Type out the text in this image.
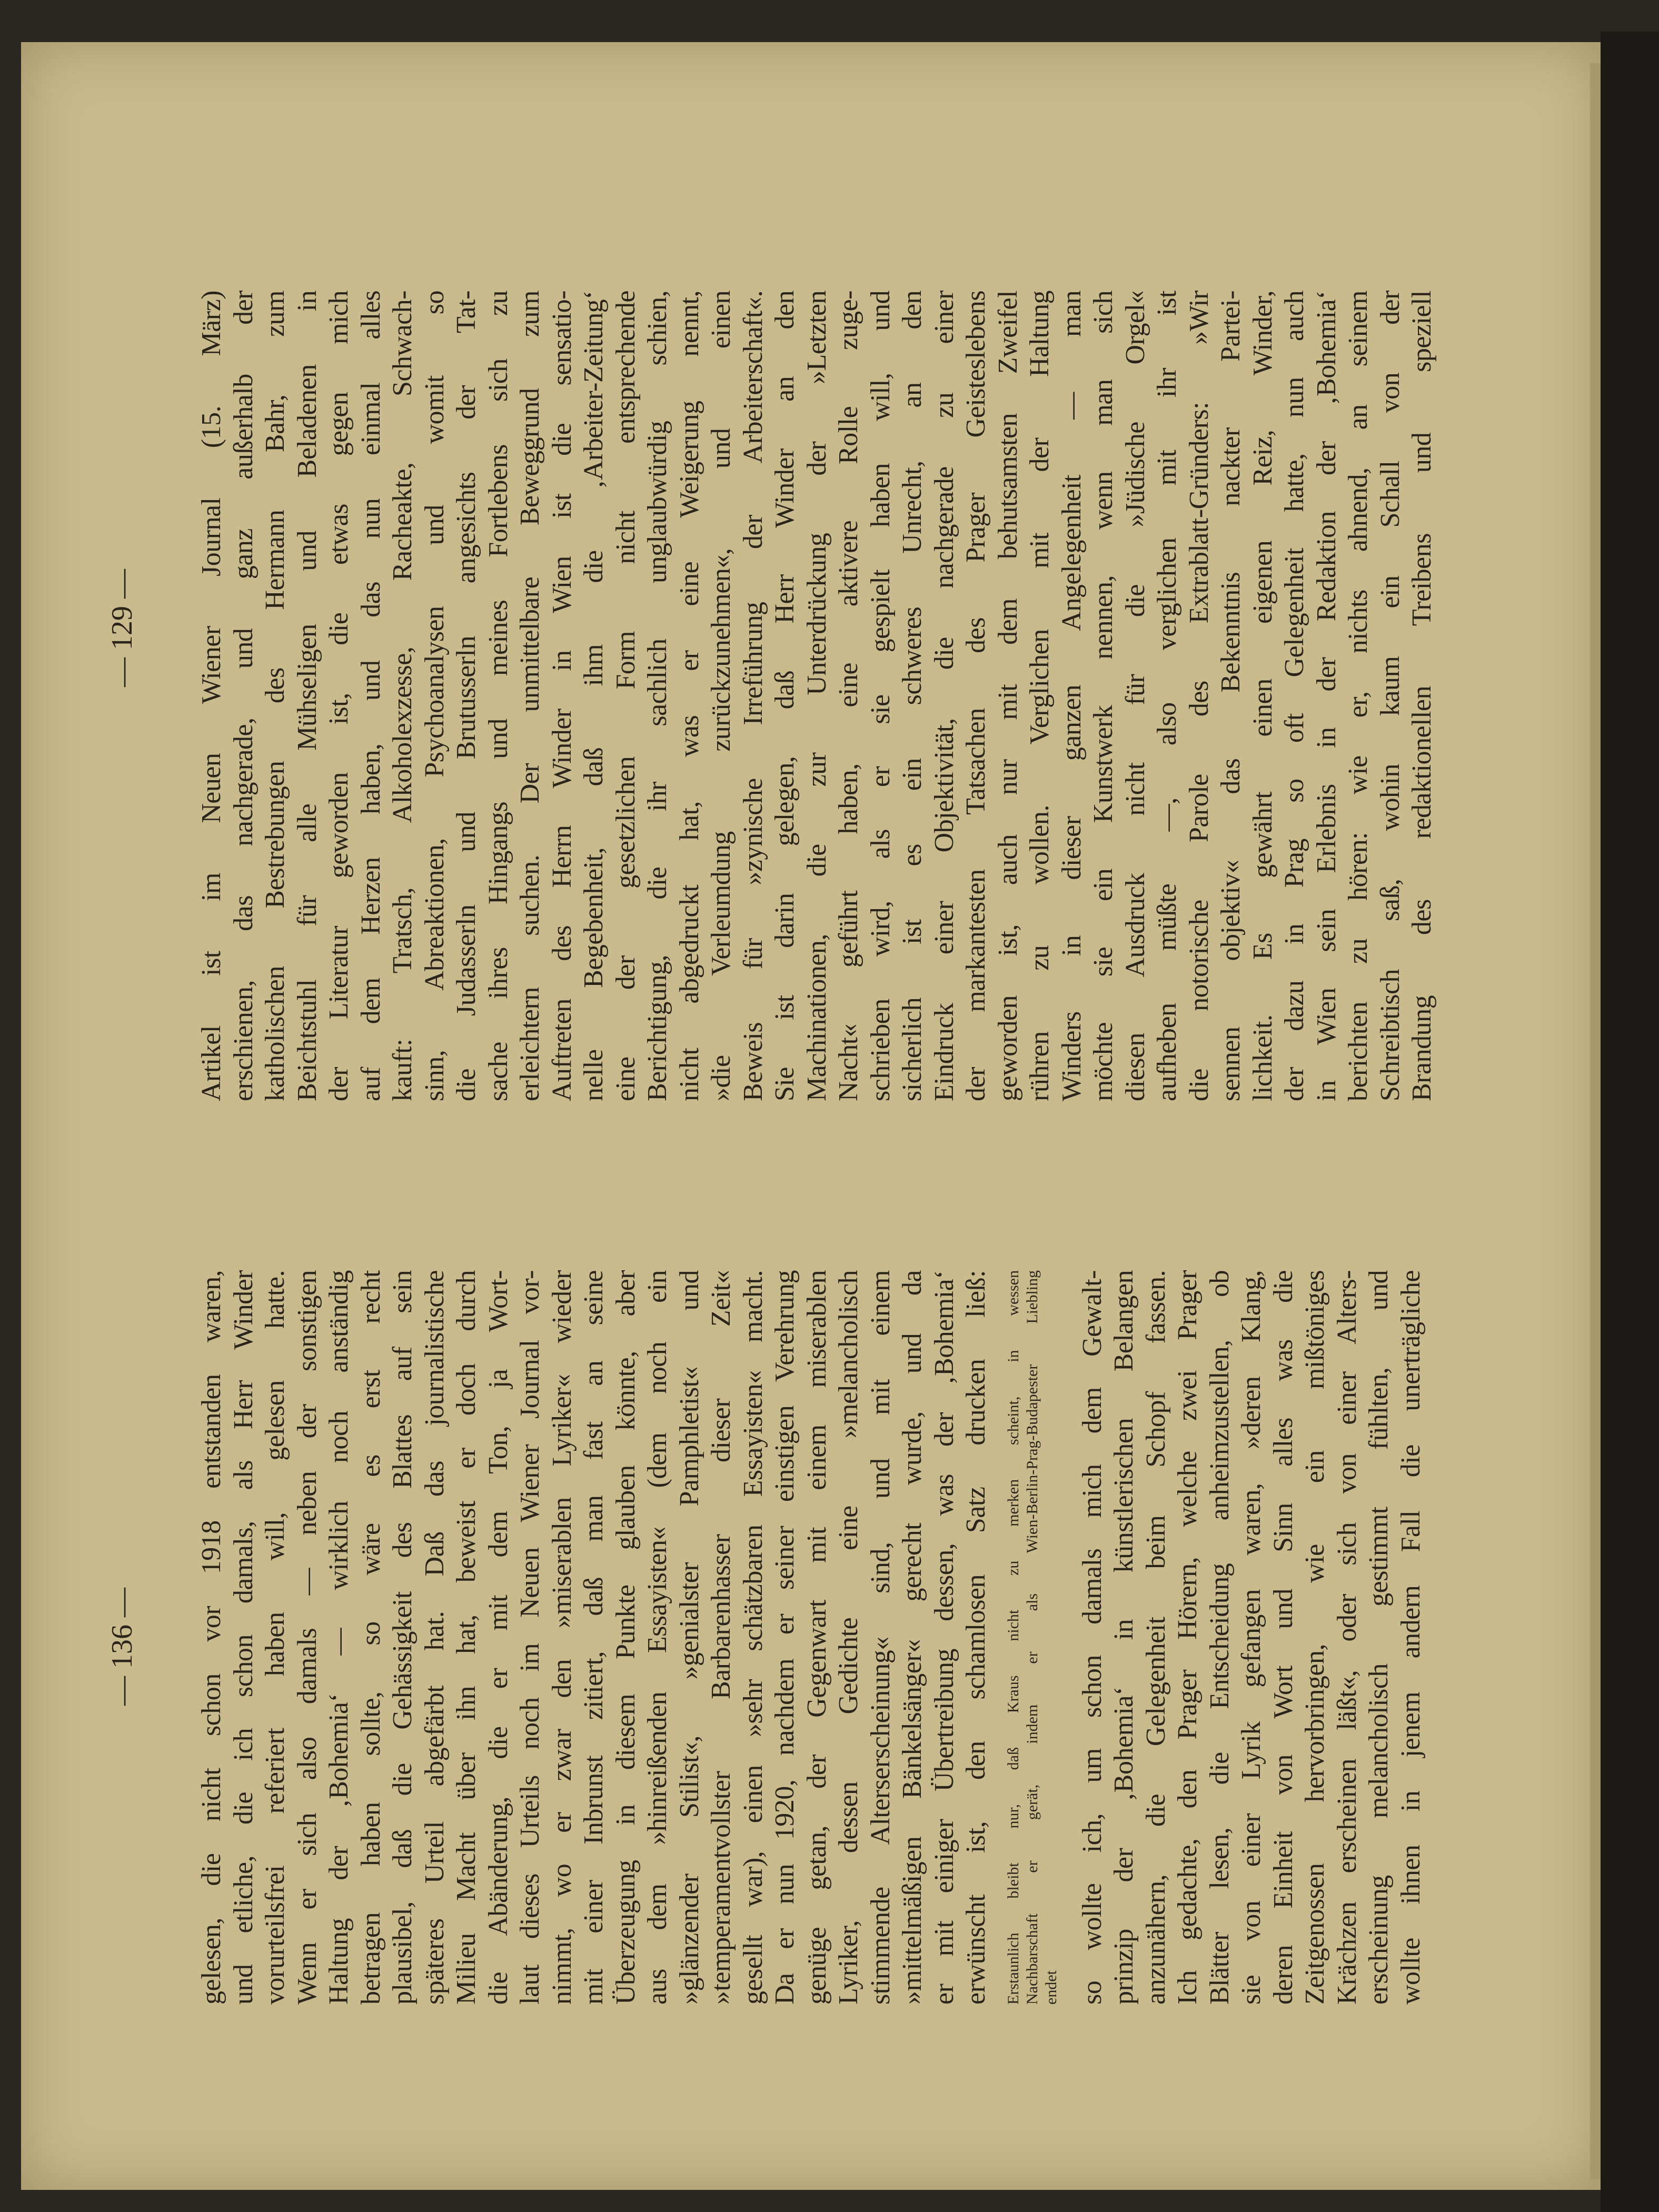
— 136 —
— 129 —
gelesen, die nicht schon vor 1918 entstanden waren, und etliche, die ich schon damals, als Herr Winder vorurteilsfrei referiert haben will, gelesen hatte. Wenn er sich also damals — neben der sonstigen Haltung der ‚Bohemia‘ — wirklich noch anständig betragen haben sollte, so wäre es erst recht plausibel, daß die Gehässigkeit des Blattes auf sein späteres Urteil abgefärbt hat. Daß das journalistische Milieu Macht über ihn hat, beweist er doch durch die Abänderung, die er mit dem Ton, ja Wort- laut dieses Urteils noch im Neuen Wiener Journal vor- nimmt, wo er zwar den »miserablen Lyriker« wieder mit einer Inbrunst zitiert, daß man fast an seine Überzeugung in diesem Punkte glauben könnte, aber aus dem »hinreißenden Essayisten« (dem noch ein »glänzender Stilist«, »genialster Pamphletist« und »temperamentvollster Barbarenhasser dieser Zeit« gesellt war), einen »sehr schätzbaren Essayisten« macht. Da er nun 1920, nachdem er seiner einstigen Verehrung genüge getan, der Gegenwart mit einem miserablen Lyriker, dessen Gedichte eine »melancholisch stimmende Alterserscheinung« sind, und mit einem »mittelmäßigen Bänkelsänger« gerecht wurde, und da er mit einiger Übertreibung dessen, was der ‚Bohemia‘ erwünscht ist, den schamlosen Satz drucken ließ: Erstaunlich bleibt nur, daß Kraus nicht zu merken scheint, in wessen Nachbarschaft er gerät, indem er als Wien-Berlin-Prag-Budapester Liebling endet so wollte ich, um schon damals mich dem Gewalt- prinzip der ‚Bohemia‘ in künstlerischen Belangen anzunähern, die Gelegenheit beim Schopf fassen. Ich gedachte, den Prager Hörern, welche zwei Prager Blätter lesen, die Entscheidung anheimzustellen, ob sie von einer Lyrik gefangen waren, »deren Klang, deren Einheit von Wort und Sinn alles was die Zeitgenossen hervorbringen, wie ein mißtöniges Krächzen erscheinen läßt«, oder sich von einer Alters- erscheinung melancholisch gestimmt fühlten, und wollte ihnen in jenem andern Fall die unerträgliche
Artikel ist im Neuen Wiener Journal (15. März) erschienen, das nachgerade, und ganz außerhalb der katholischen Bestrebungen des Hermann Bahr, zum Beichtstuhl für alle Mühseligen und Beladenen in der Literatur geworden ist, die etwas gegen mich auf dem Herzen haben, und das nun einmal alles kauft: Tratsch, Alkoholexzesse, Racheakte, Schwach- sinn, Abreaktionen, Psychoanalysen und womit so die Judasserln und Brutusserln angesichts der Tat- sache ihres Hingangs und meines Fortlebens sich zu erleichtern suchen. Der unmittelbare Beweggrund zum Auftreten des Herrn Winder in Wien ist die sensatio- nelle Begebenheit, daß ihm die ‚Arbeiter-Zeitung‘ eine der gesetzlichen Form nicht entsprechende Berichtigung, die ihr sachlich unglaubwürdig schien, nicht abgedruckt hat, was er eine Weigerung nennt, »die Verleumdung zurückzunehmen«, und einen Beweis für »zynische Irreführung der Arbeiterschaft«. Sie ist darin gelegen, daß Herr Winder an den Machinationen, die zur Unterdrückung der »Letzten Nacht« geführt haben, eine aktivere Rolle zuge- schrieben wird, als er sie gespielt haben will, und sicherlich ist es ein schweres Unrecht, an den Eindruck einer Objektivität, die nachgerade zu einer der markantesten Tatsachen des Prager Geisteslebens geworden ist, auch nur mit dem behutsamsten Zweifel rühren zu wollen. Verglichen mit der Haltung Winders in dieser ganzen Angelegenheit — man möchte sie ein Kunstwerk nennen, wenn man sich diesen Ausdruck nicht für die »Jüdische Orgel« aufheben müßte —, also verglichen mit ihr ist die notorische Parole des Extrablatt-Gründers: »Wir sennen objektiv« das Bekenntnis nackter Partei- lichkeit. Es gewährt einen eigenen Reiz, Winder, der dazu in Prag so oft Gelegenheit hatte, nun auch in Wien sein Erlebnis in der Redaktion der ‚Bohemia‘ berichten zu hören: wie er, nichts ahnend, an seinem Schreibtisch saß, wohin kaum ein Schall von der Brandung des redaktionellen Treibens und speziell
